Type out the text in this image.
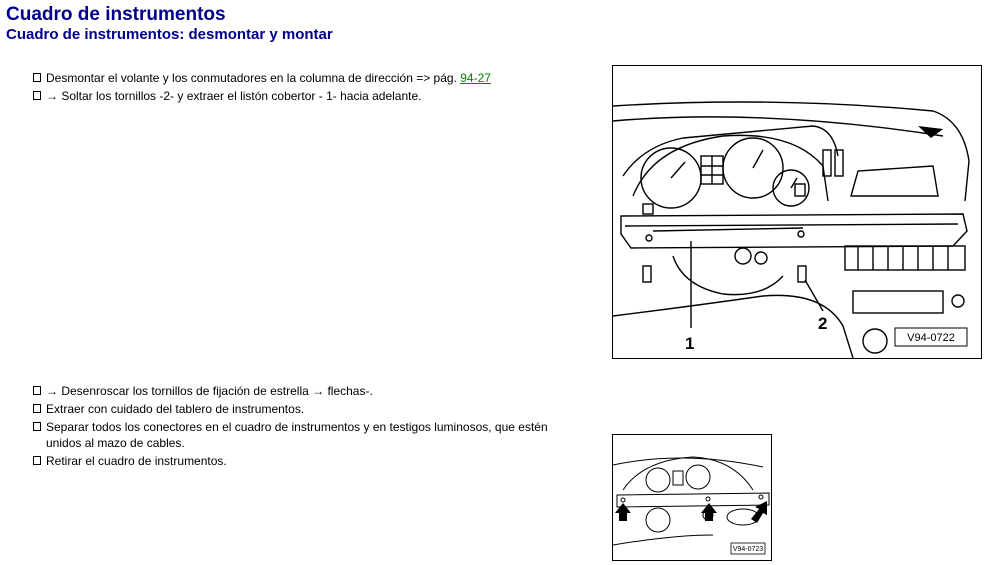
Cuadro de instrumentos
Cuadro de instrumentos: desmontar y montar
Desmontar el volante y los conmutadores en la columna de dirección => pág. 94-27
→ Soltar los tornillos -2- y extraer el listón cobertor - 1- hacia adelante.
→ Desenroscar los tornillos de fijación de estrella → flechas-.
Extraer con cuidado del tablero de instrumentos.
Separar todos los conectores en el cuadro de instrumentos y en testigos luminosos, que estén unidos al mazo de cables.
Retirar el cuadro de instrumentos.
1
2
V94-0722
V94-0723
